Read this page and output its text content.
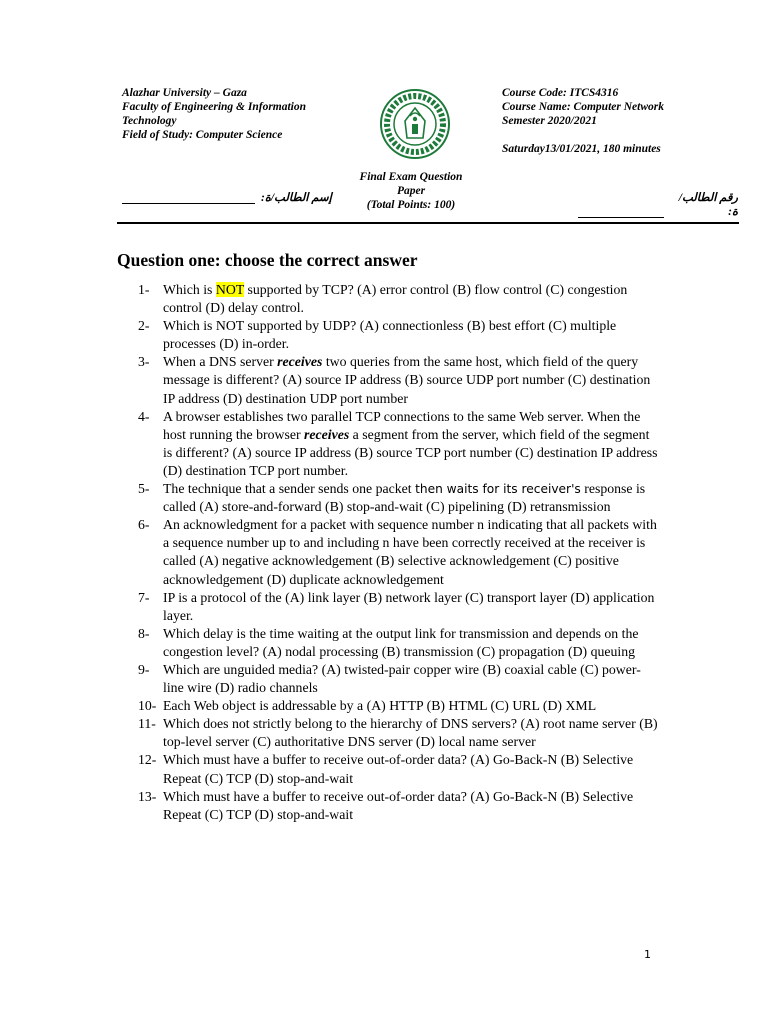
Alazhar University – Gaza
Faculty of Engineering & Information
Technology
Field of Study: Computer Science
Course Code: ITCS4316
Course Name: Computer Network
Semester 2020/2021
Saturday13/01/2021, 180 minutes
Final Exam Question
Paper
(Total Points: 100)
إسم الطالب/ة:	رقم الطالب/ة:
Question one: choose the correct answer
1- Which is NOT supported by TCP? (A) error control (B) flow control (C) congestion control (D) delay control.
2- Which is NOT supported by UDP? (A) connectionless (B) best effort (C) multiple processes (D) in-order.
3- When a DNS server receives two queries from the same host, which field of the query message is different? (A) source IP address (B) source UDP port number (C) destination IP address (D) destination UDP port number
4- A browser establishes two parallel TCP connections to the same Web server. When the host running the browser receives a segment from the server, which field of the segment is different? (A) source IP address (B) source TCP port number (C) destination IP address (D) destination TCP port number.
5- The technique that a sender sends one packet then waits for its receiver's response is called (A) store-and-forward (B) stop-and-wait (C) pipelining (D) retransmission
6- An acknowledgment for a packet with sequence number n indicating that all packets with a sequence number up to and including n have been correctly received at the receiver is called (A) negative acknowledgement (B) selective acknowledgement (C) positive acknowledgement (D) duplicate acknowledgement
7- IP is a protocol of the (A) link layer (B) network layer (C) transport layer (D) application layer.
8- Which delay is the time waiting at the output link for transmission and depends on the congestion level? (A) nodal processing (B) transmission (C) propagation (D) queuing
9- Which are unguided media? (A) twisted-pair copper wire (B) coaxial cable (C) power-line wire (D) radio channels
10- Each Web object is addressable by a (A) HTTP (B) HTML (C) URL (D) XML
11- Which does not strictly belong to the hierarchy of DNS servers? (A) root name server (B) top-level server (C) authoritative DNS server (D) local name server
12- Which must have a buffer to receive out-of-order data? (A) Go-Back-N (B) Selective Repeat (C) TCP (D) stop-and-wait
13- Which must have a buffer to receive out-of-order data? (A) Go-Back-N (B) Selective Repeat (C) TCP (D) stop-and-wait
1
